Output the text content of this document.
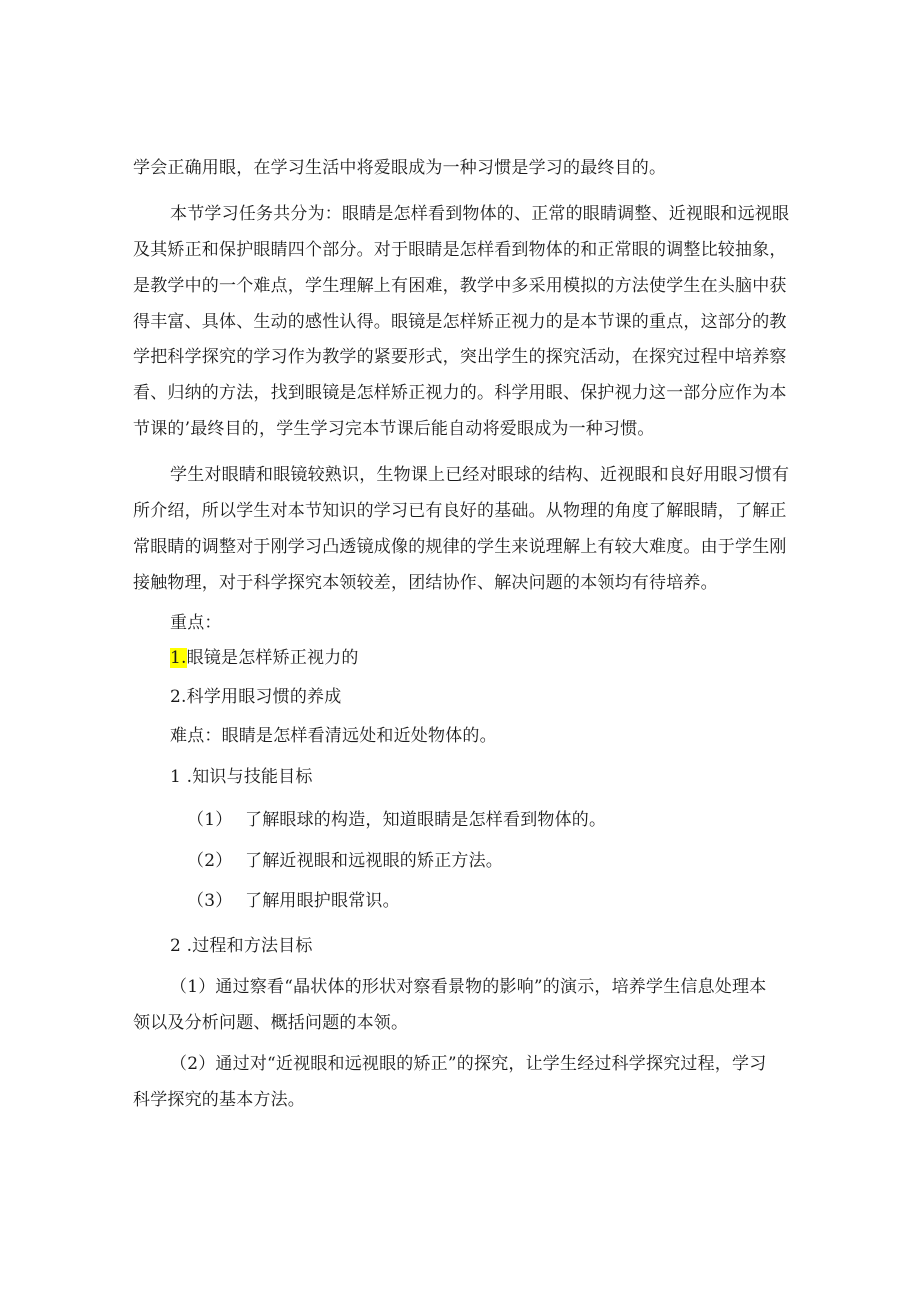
学会正确用眼，在学习生活中将爱眼成为一种习惯是学习的最终目的。
本节学习任务共分为：眼睛是怎样看到物体的、正常的眼睛调整、近视眼和远视眼
及其矫正和保护眼睛四个部分。对于眼睛是怎样看到物体的和正常眼的调整比较抽象，
是教学中的一个难点，学生理解上有困难，教学中多采用模拟的方法使学生在头脑中获
得丰富、具体、生动的感性认得。眼镜是怎样矫正视力的是本节课的重点，这部分的教
学把科学探究的学习作为教学的紧要形式，突出学生的探究活动，在探究过程中培养察
看、归纳的方法，找到眼镜是怎样矫正视力的。科学用眼、保护视力这一部分应作为本
节课的’最终目的，学生学习完本节课后能自动将爱眼成为一种习惯。
学生对眼睛和眼镜较熟识，生物课上已经对眼球的结构、近视眼和良好用眼习惯有
所介绍，所以学生对本节知识的学习已有良好的基础。从物理的角度了解眼睛，了解正
常眼睛的调整对于刚学习凸透镜成像的规律的学生来说理解上有较大难度。由于学生刚
接触物理，对于科学探究本领较差，团结协作、解决问题的本领均有待培养。
重点：
1.眼镜是怎样矫正视力的
2.科学用眼习惯的养成
难点：眼睛是怎样看清远处和近处物体的。
1 .知识与技能目标
（1） 了解眼球的构造，知道眼睛是怎样看到物体的。
（2） 了解近视眼和远视眼的矫正方法。
（3） 了解用眼护眼常识。
2 .过程和方法目标
（1）通过察看“晶状体的形状对察看景物的影响”的演示，培养学生信息处理本
领以及分析问题、概括问题的本领。
（2）通过对“近视眼和远视眼的矫正”的探究，让学生经过科学探究过程，学习
科学探究的基本方法。
